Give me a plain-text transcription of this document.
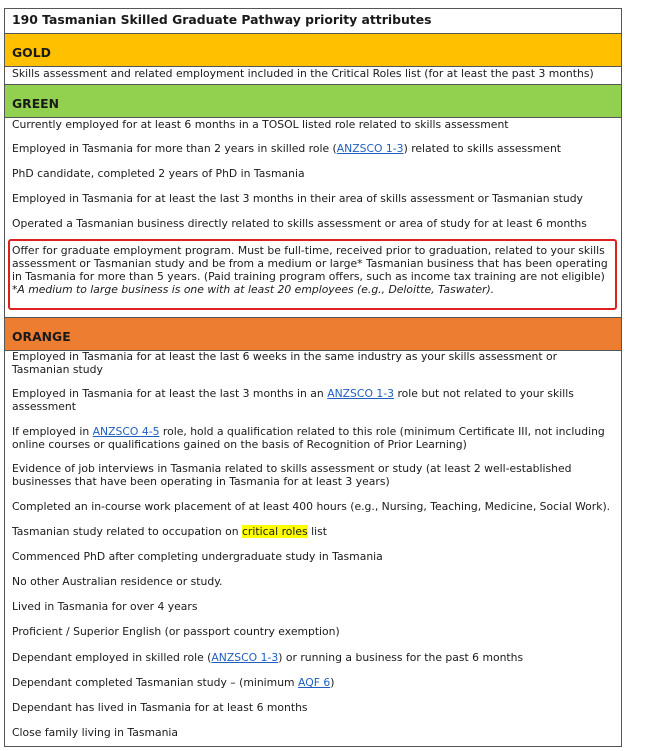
190 Tasmanian Skilled Graduate Pathway priority attributes
GOLD
Skills assessment and related employment included in the Critical Roles list (for at least the past 3 months)
GREEN
Currently employed for at least 6 months in a TOSOL listed role related to skills assessment
Employed in Tasmania for more than 2 years in skilled role (ANZSCO 1-3) related to skills assessment
PhD candidate, completed 2 years of PhD in Tasmania
Employed in Tasmania for at least the last 3 months in their area of skills assessment or Tasmanian study
Operated a Tasmanian business directly related to skills assessment or area of study for at least 6 months
Offer for graduate employment program. Must be full-time, received prior to graduation, related to your skills assessment or Tasmanian study and be from a medium or large* Tasmanian business that has been operating in Tasmania for more than 5 years. (Paid training program offers, such as income tax training are not eligible)
*A medium to large business is one with at least 20 employees (e.g., Deloitte, Taswater).
ORANGE
Employed in Tasmania for at least the last 6 weeks in the same industry as your skills assessment or Tasmanian study
Employed in Tasmania for at least the last 3 months in an ANZSCO 1-3 role but not related to your skills assessment
If employed in ANZSCO 4-5 role, hold a qualification related to this role (minimum Certificate III, not including online courses or qualifications gained on the basis of Recognition of Prior Learning)
Evidence of job interviews in Tasmania related to skills assessment or study (at least 2 well-established businesses that have been operating in Tasmania for at least 3 years)
Completed an in-course work placement of at least 400 hours (e.g., Nursing, Teaching, Medicine, Social Work).
Tasmanian study related to occupation on critical roles list
Commenced PhD after completing undergraduate study in Tasmania
No other Australian residence or study.
Lived in Tasmania for over 4 years
Proficient / Superior English (or passport country exemption)
Dependant employed in skilled role (ANZSCO 1-3) or running a business for the past 6 months
Dependant completed Tasmanian study – (minimum AQF 6)
Dependant has lived in Tasmania for at least 6 months
Close family living in Tasmania
